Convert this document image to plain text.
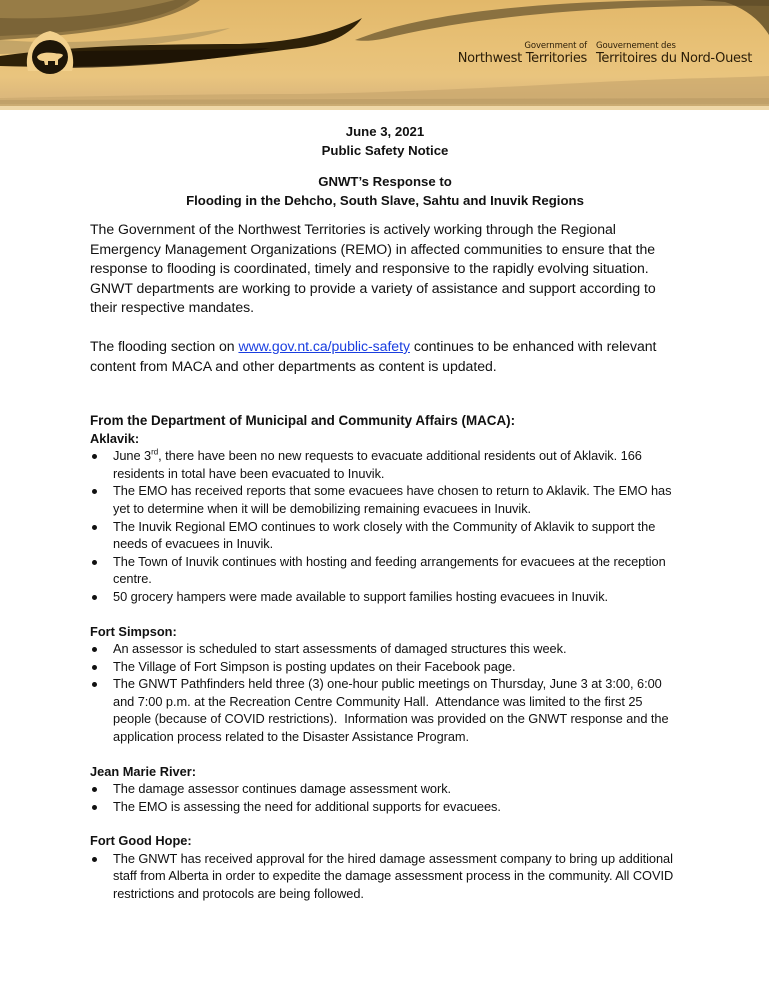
Government of
Northwest Territories
Gouvernement des
Territoires du Nord-Ouest
June 3, 2021
Public Safety Notice
GNWT’s Response to
Flooding in the Dehcho, South Slave, Sahtu and Inuvik Regions

The Government of the Northwest Territories is actively working through the Regional Emergency Management Organizations (REMO) in affected communities to ensure that the response to flooding is coordinated, timely and responsive to the rapidly evolving situation. GNWT departments are working to provide a variety of assistance and support according to their respective mandates.

The flooding section on www.gov.nt.ca/public-safety continues to be enhanced with relevant content from MACA and other departments as content is updated.

From the Department of Municipal and Community Affairs (MACA):
Aklavik:
June 3rd, there have been no new requests to evacuate additional residents out of Aklavik. 166 residents in total have been evacuated to Inuvik.
The EMO has received reports that some evacuees have chosen to return to Aklavik. The EMO has yet to determine when it will be demobilizing remaining evacuees in Inuvik.
The Inuvik Regional EMO continues to work closely with the Community of Aklavik to support the needs of evacuees in Inuvik.
The Town of Inuvik continues with hosting and feeding arrangements for evacuees at the reception centre.
50 grocery hampers were made available to support families hosting evacuees in Inuvik.
Fort Simpson:
An assessor is scheduled to start assessments of damaged structures this week.
The Village of Fort Simpson is posting updates on their Facebook page.
The GNWT Pathfinders held three (3) one-hour public meetings on Thursday, June 3 at 3:00, 6:00 and 7:00 p.m. at the Recreation Centre Community Hall.  Attendance was limited to the first 25 people (because of COVID restrictions).  Information was provided on the GNWT response and the application process related to the Disaster Assistance Program.
Jean Marie River:
The damage assessor continues damage assessment work.
The EMO is assessing the need for additional supports for evacuees.
Fort Good Hope:
The GNWT has received approval for the hired damage assessment company to bring up additional staff from Alberta in order to expedite the damage assessment process in the community. All COVID restrictions and protocols are being followed.
